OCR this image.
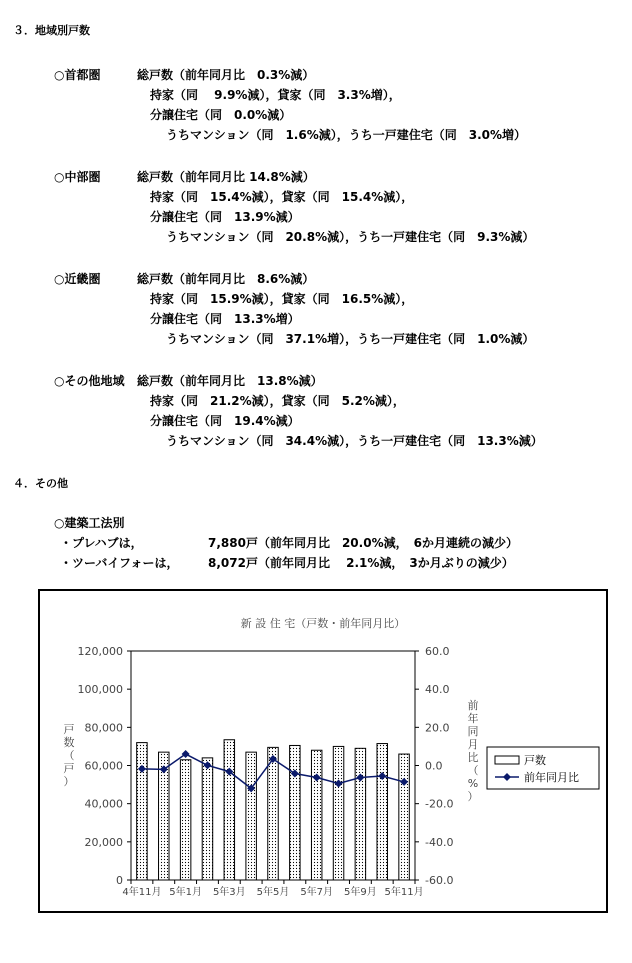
３．地域別戸数
○首都圏	総戸数（前年同月比　0.3%減）
持家（同　 9.9%減），貸家（同　3.3%増），
分譲住宅（同　0.0%減）
うちマンション（同　1.6%減），うち一戸建住宅（同　3.0%増）
○中部圏	総戸数（前年同月比 14.8%減）
持家（同　15.4%減），貸家（同　15.4%減），
分譲住宅（同　13.9%減）
うちマンション（同　20.8%減），うち一戸建住宅（同　9.3%減）
○近畿圏	総戸数（前年同月比　8.6%減）
持家（同　15.9%減），貸家（同　16.5%減），
分譲住宅（同　13.3%増）
うちマンション（同　37.1%増），うち一戸建住宅（同　1.0%減）
○その他地域 総戸数（前年同月比　13.8%減）
持家（同　21.2%減），貸家（同　5.2%減），
分譲住宅（同　19.4%減）
うちマンション（同　34.4%減），うち一戸建住宅（同　13.3%減）
４．その他
○建築工法別
・プレハブは，	7,880戸（前年同月比　20.0%減，　6か月連続の減少）
・ツーバイフォーは， 8,072戸（前年同月比　 2.1%減，　3か月ぶりの減少）
新 設 住 宅（戸数・前年同月比）
4年11月 5年1月 5年3月 5年5月 5年7月 5年9月 5年11月
0
20,000
40,000
60,000
80,000
100,000
120,000
-60.0
-40.0
-20.0
0.0
20.0
40.0
60.0
戸数
前年同月比
戸
数
（
戸
）
前
年
同
月
比
（
%
）
